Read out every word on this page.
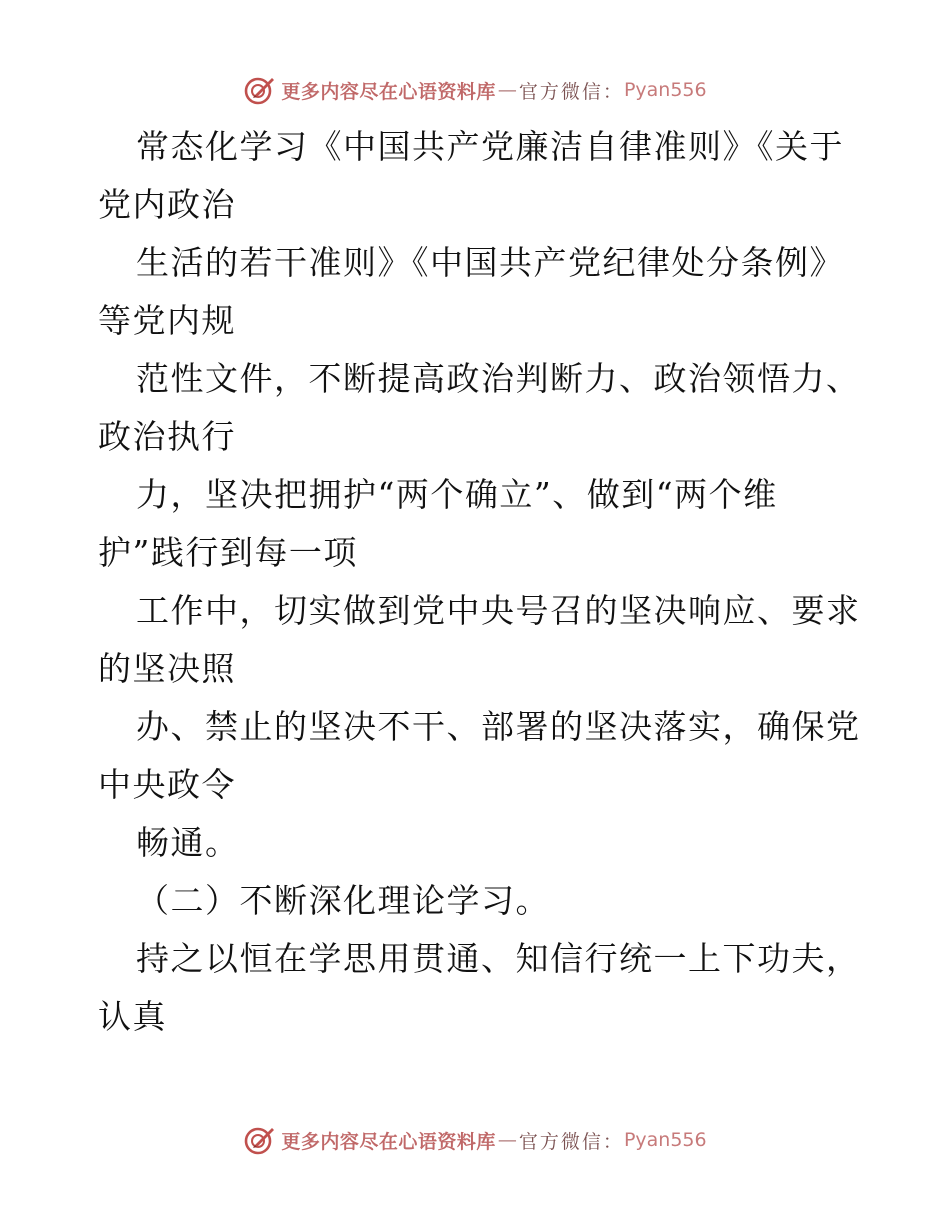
更多内容尽在心语资料库 — 官方微信： Pyan556
常态化学习《中国共产党廉洁自律准则》《关于
党内政治
生活的若干准则》《中国共产党纪律处分条例》
等党内规
范性文件，不断提高政治判断力、政治领悟力、
政治执行
力，坚决把拥护“两个确立”、做到“两个维
护”践行到每一项
工作中，切实做到党中央号召的坚决响应、要求
的坚决照
办、禁止的坚决不干、部署的坚决落实，确保党
中央政令
畅通。
（二）不断深化理论学习。
持之以恒在学思用贯通、知信行统一上下功夫，
认真
更多内容尽在心语资料库 — 官方微信： Pyan556
